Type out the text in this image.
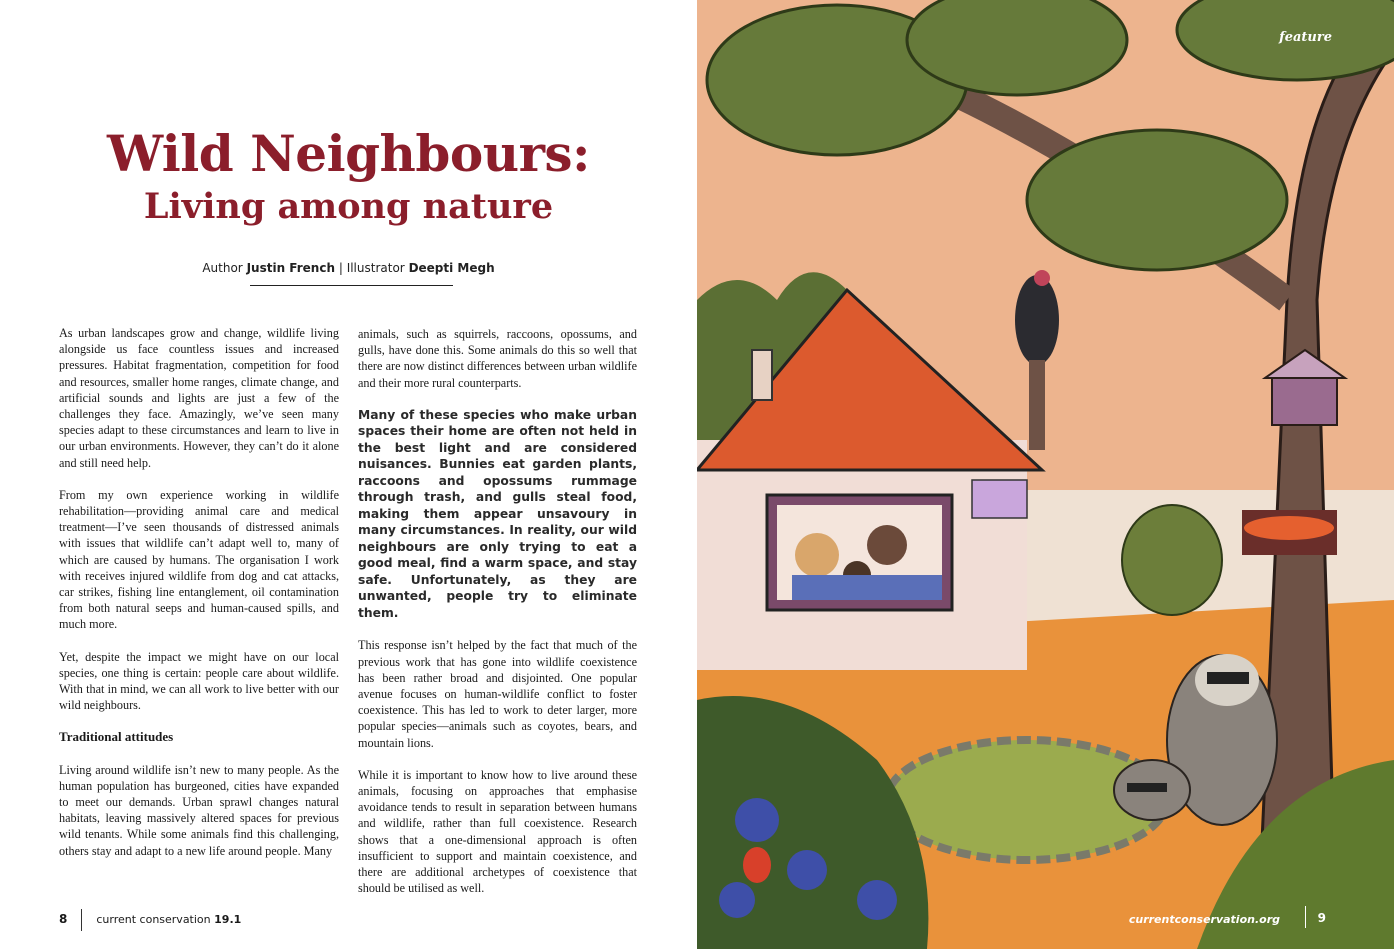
Wild Neighbours:
Living among nature
Author Justin French | Illustrator Deepti Megh

As urban landscapes grow and change, wildlife living alongside us face countless issues and increased pressures. Habitat fragmentation, competition for food and resources, smaller home ranges, climate change, and artificial sounds and lights are just a few of the challenges they face. Amazingly, we’ve seen many species adapt to these circumstances and learn to live in our urban environments. However, they can’t do it alone and still need help.

From my own experience working in wildlife rehabilitation—providing animal care and medical treatment—I’ve seen thousands of distressed animals with issues that wildlife can’t adapt well to, many of which are caused by humans. The organisation I work with receives injured wildlife from dog and cat attacks, car strikes, fishing line entanglement, oil contamination from both natural seeps and human-caused spills, and much more.

Yet, despite the impact we might have on our local species, one thing is certain: people care about wildlife. With that in mind, we can all work to live better with our wild neighbours.

Traditional attitudes

Living around wildlife isn’t new to many people. As the human population has burgeoned, cities have expanded to meet our demands. Urban sprawl changes natural habitats, leaving massively altered spaces for previous wild tenants. While some animals find this challenging, others stay and adapt to a new life around people. Many

animals, such as squirrels, raccoons, opossums, and gulls, have done this. Some animals do this so well that there are now distinct differences between urban wildlife and their more rural counterparts.

Many of these species who make urban spaces their home are often not held in the best light and are considered nuisances. Bunnies eat garden plants, raccoons and opossums rummage through trash, and gulls steal food, making them appear unsavoury in many circumstances. In reality, our wild neighbours are only trying to eat a good meal, find a warm space, and stay safe. Unfortunately, as they are unwanted, people try to eliminate them.

This response isn’t helped by the fact that much of the previous work that has gone into wildlife coexistence has been rather broad and disjointed. One popular avenue focuses on human-wildlife conflict to foster coexistence. This has led to work to deter larger, more popular species—animals such as coyotes, bears, and mountain lions.

While it is important to know how to live around these animals, focusing on approaches that emphasise avoidance tends to result in separation between humans and wildlife, rather than full coexistence. Research shows that a one-dimensional approach is often insufficient to support and maintain coexistence, and there are additional archetypes of coexistence that should be utilised as well.

8	current conservation 19.1
feature
currentconservation.org	9
